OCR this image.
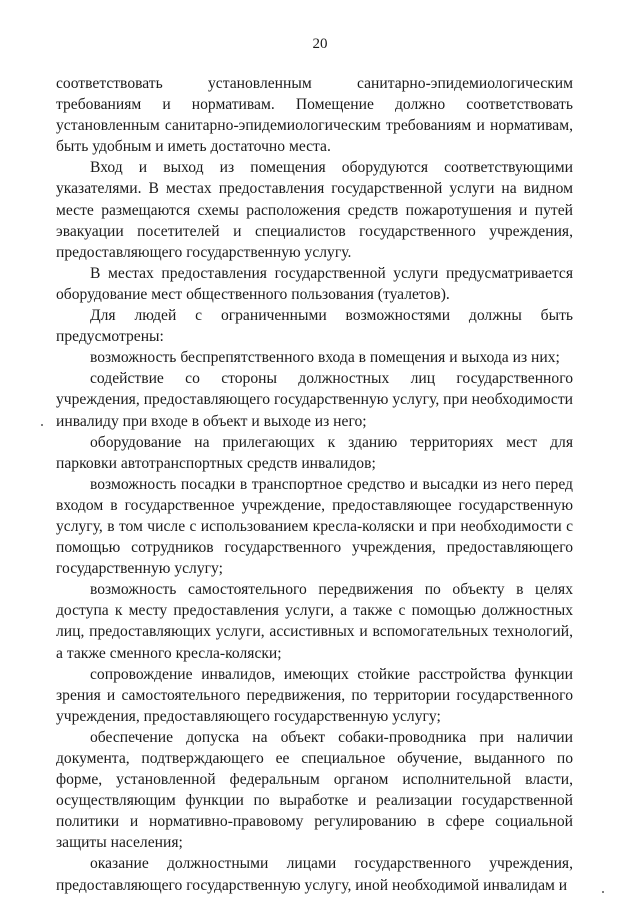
20

соответствовать установленным санитарно-эпидемиологическим требованиям и нормативам. Помещение должно соответствовать установленным санитарно-эпидемиологическим требованиям и нормативам, быть удобным и иметь достаточно места.

Вход и выход из помещения оборудуются соответствующими указателями. В местах предоставления государственной услуги на видном месте размещаются схемы расположения средств пожаротушения и путей эвакуации посетителей и специалистов государственного учреждения, предоставляющего государственную услугу.

В местах предоставления государственной услуги предусматривается оборудование мест общественного пользования (туалетов).

Для людей с ограниченными возможностями должны быть предусмотрены:

возможность беспрепятственного входа в помещения и выхода из них;

содействие со стороны должностных лиц государственного учреждения, предоставляющего государственную услугу, при необходимости инвалиду при входе в объект и выходе из него;

оборудование на прилегающих к зданию территориях мест для парковки автотранспортных средств инвалидов;

возможность посадки в транспортное средство и высадки из него перед входом в государственное учреждение, предоставляющее государственную услугу, в том числе с использованием кресла-коляски и при необходимости с помощью сотрудников государственного учреждения, предоставляющего государственную услугу;

возможность самостоятельного передвижения по объекту в целях доступа к месту предоставления услуги, а также с помощью должностных лиц, предоставляющих услуги, ассистивных и вспомогательных технологий, а также сменного кресла-коляски;

сопровождение инвалидов, имеющих стойкие расстройства функции зрения и самостоятельного передвижения, по территории государственного учреждения, предоставляющего государственную услугу;

обеспечение допуска на объект собаки-проводника при наличии документа, подтверждающего ее специальное обучение, выданного по форме, установленной федеральным органом исполнительной власти, осуществляющим функции по выработке и реализации государственной политики и нормативно-правовому регулированию в сфере социальной защиты населения;

оказание должностными лицами государственного учреждения, предоставляющего государственную услугу, иной необходимой инвалидам и
